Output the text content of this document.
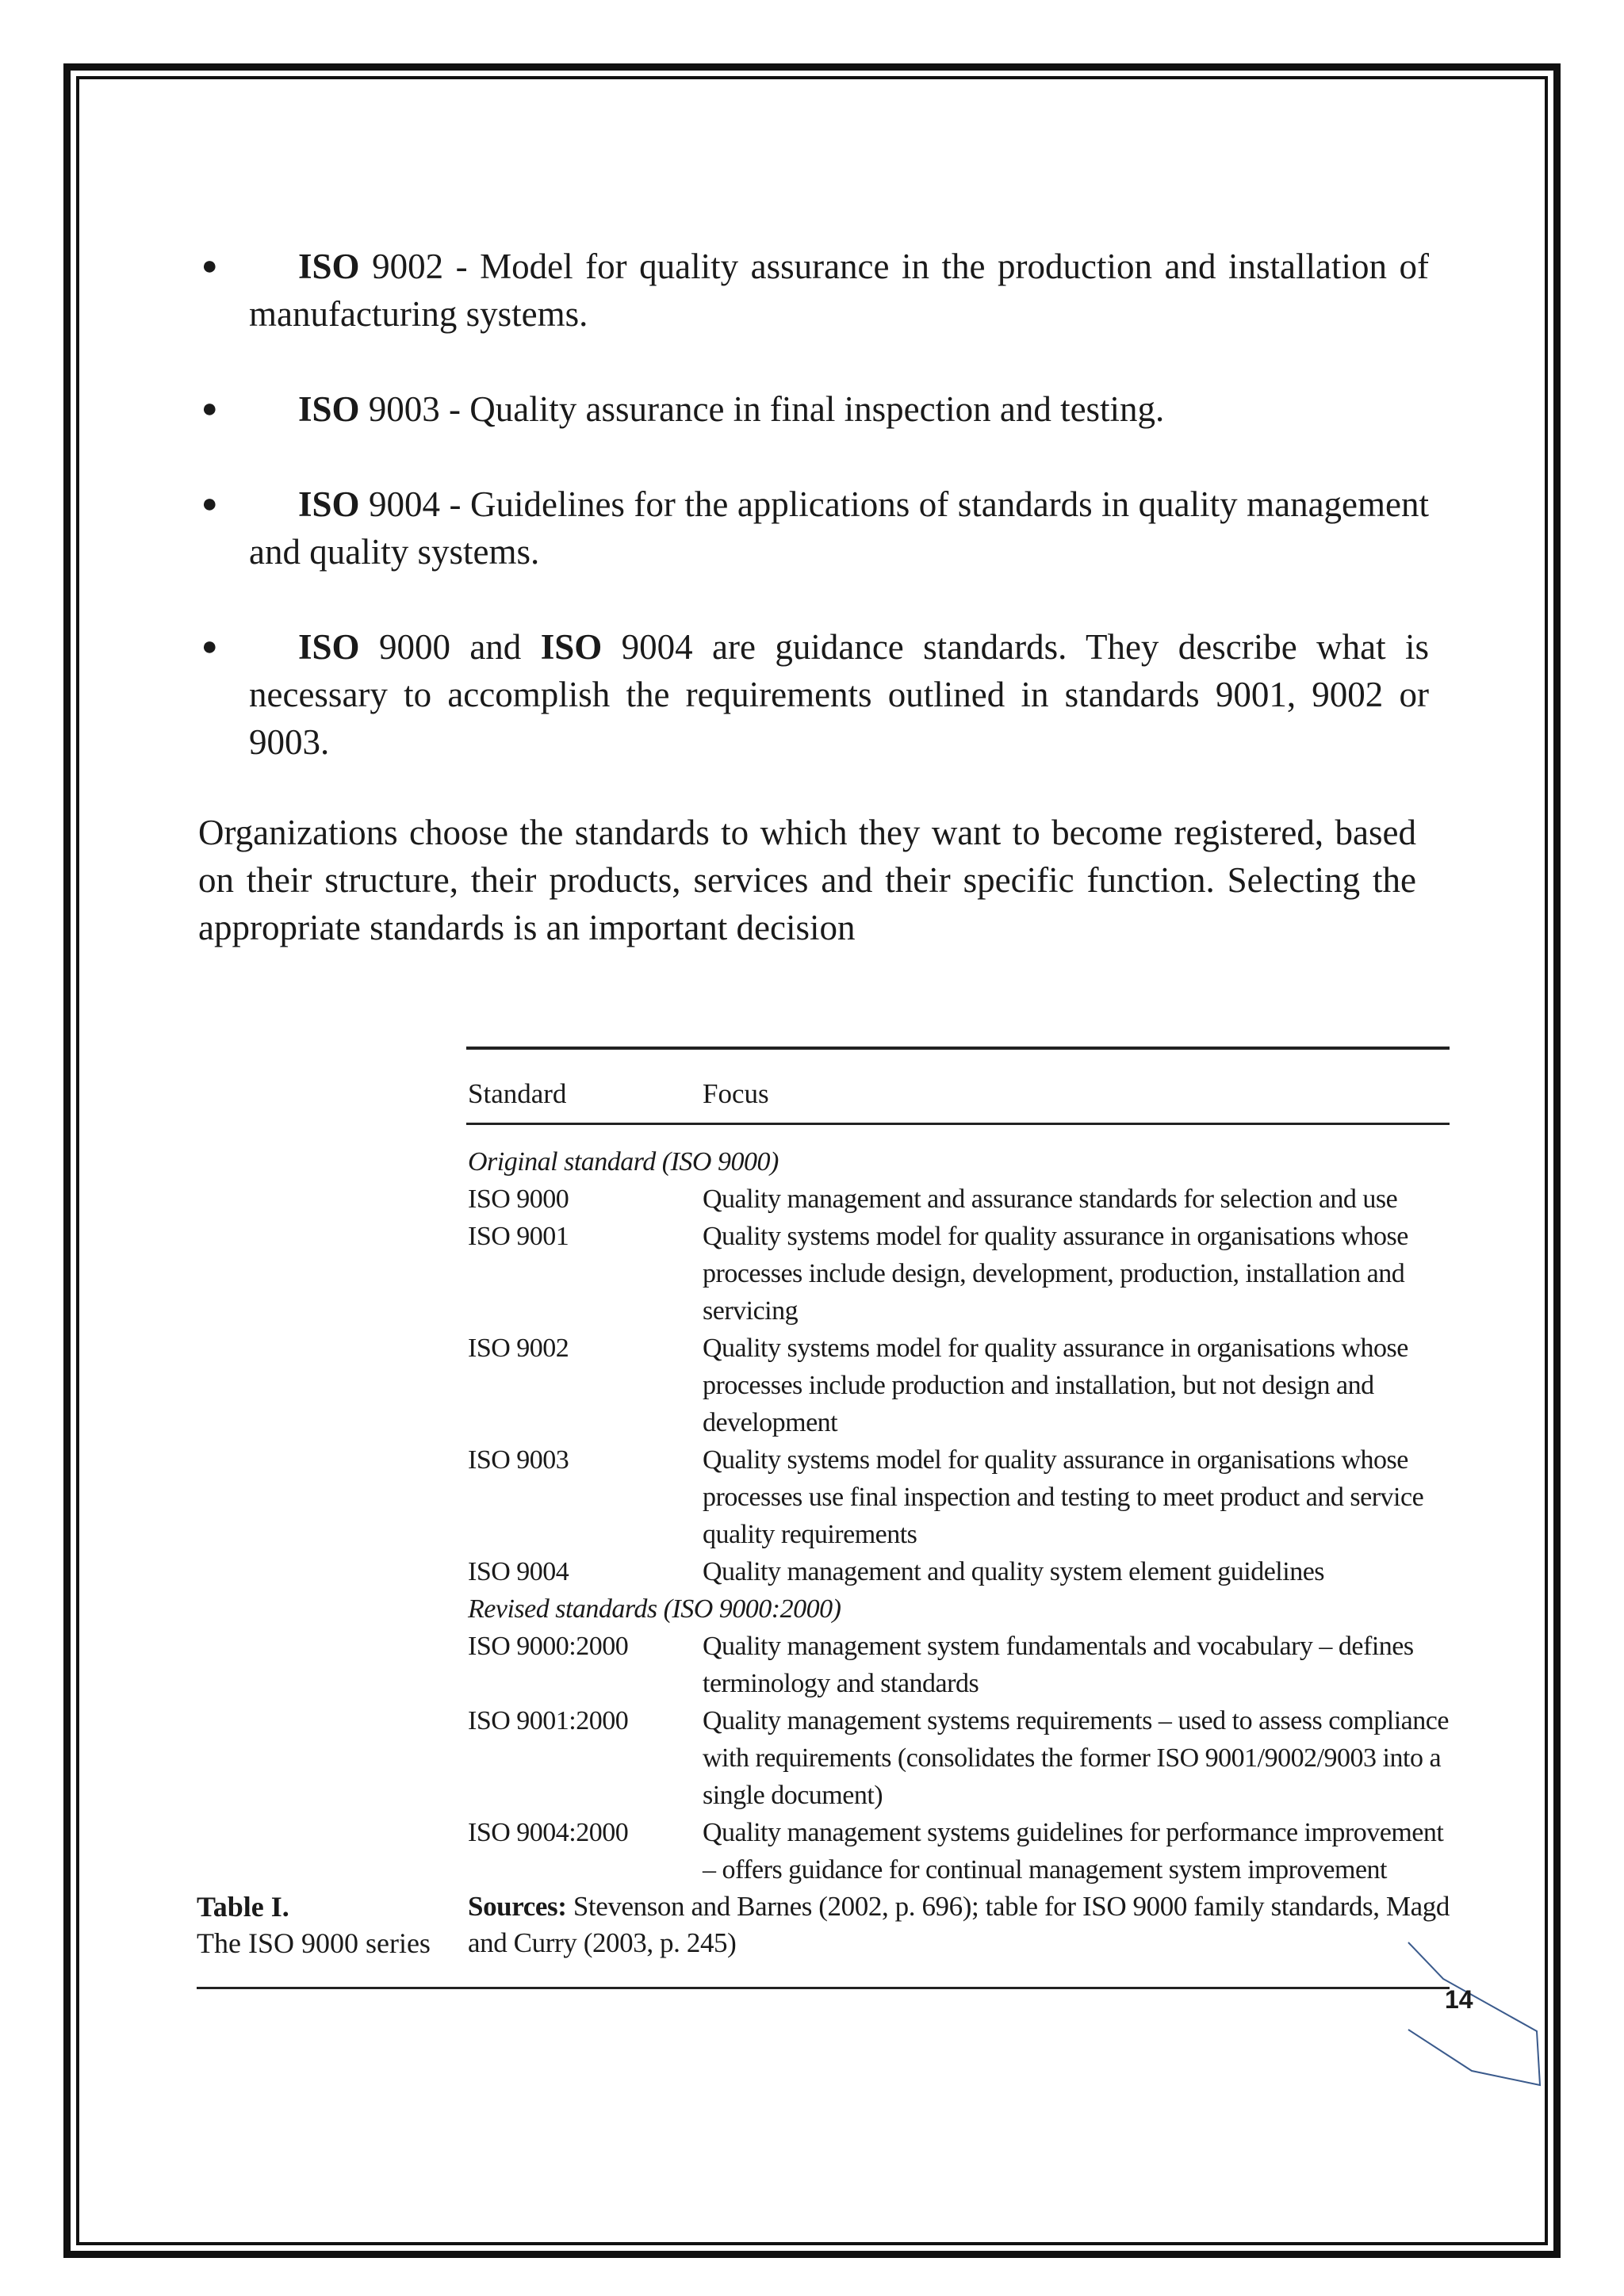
● ISO 9002 - Model for quality assurance in the production and installation of manufacturing systems.
● ISO 9003 - Quality assurance in final inspection and testing.
● ISO 9004 - Guidelines for the applications of standards in quality management and quality systems.
● ISO 9000 and ISO 9004 are guidance standards. They describe what is necessary to accomplish the requirements outlined in standards 9001, 9002 or 9003.

Organizations choose the standards to which they want to become registered, based on their structure, their products, services and their specific function. Selecting the appropriate standards is an important decision

Standard	Focus
Original standard (ISO 9000)
ISO 9000	Quality management and assurance standards for selection and use
ISO 9001	Quality systems model for quality assurance in organisations whose processes include design, development, production, installation and servicing
ISO 9002	Quality systems model for quality assurance in organisations whose processes include production and installation, but not design and development
ISO 9003	Quality systems model for quality assurance in organisations whose processes use final inspection and testing to meet product and service quality requirements
ISO 9004	Quality management and quality system element guidelines
Revised standards (ISO 9000:2000)
ISO 9000:2000	Quality management system fundamentals and vocabulary – defines terminology and standards
ISO 9001:2000	Quality management systems requirements – used to assess compliance with requirements (consolidates the former ISO 9001/9002/9003 into a single document)
ISO 9004:2000	Quality management systems guidelines for performance improvement – offers guidance for continual management system improvement
Table I.
The ISO 9000 series
Sources: Stevenson and Barnes (2002, p. 696); table for ISO 9000 family standards, Magd and Curry (2003, p. 245)
14
